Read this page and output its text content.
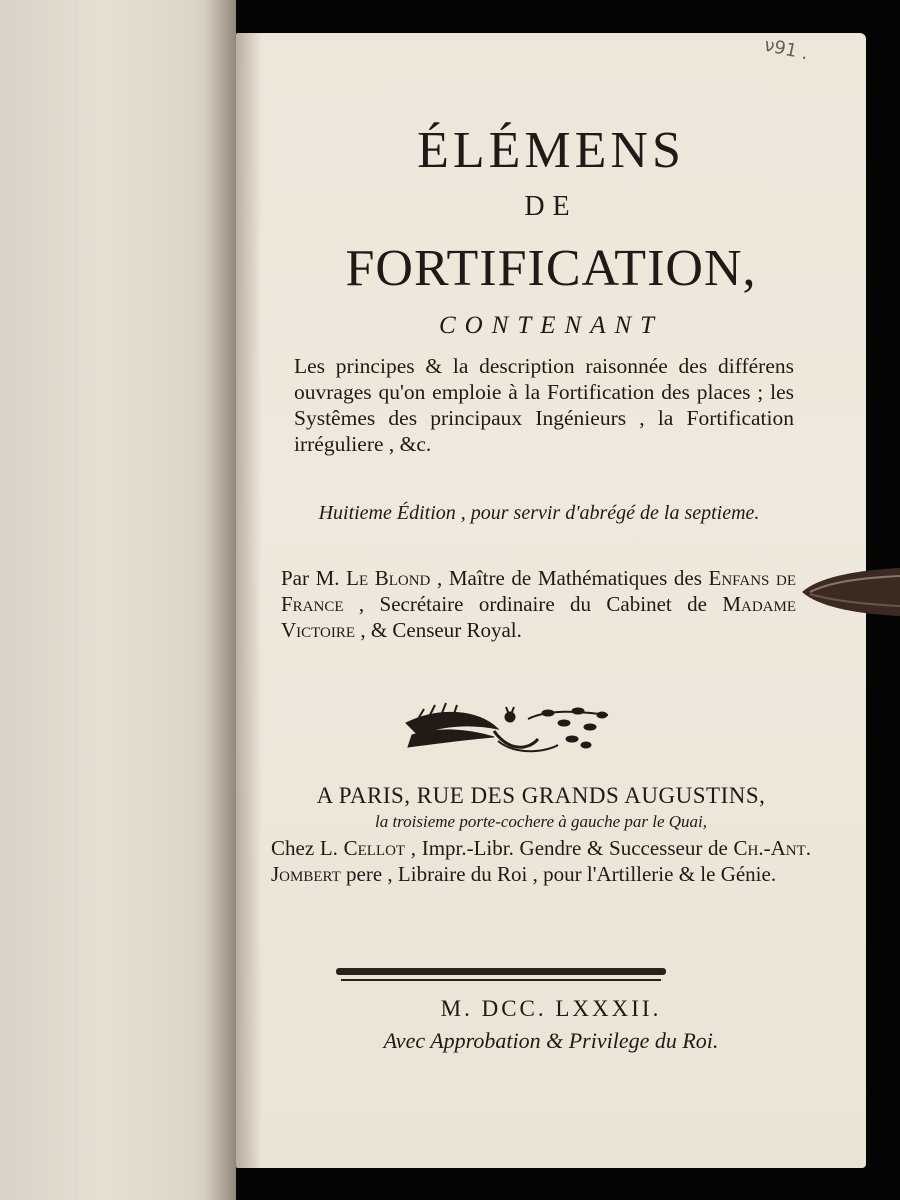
ν91 .
ÉLÉMENS
DE
FORTIFICATION,
CONTENANT
Les principes & la description raisonnée des différens ouvrages qu'on emploie à la Fortification des places ; les Systêmes des principaux Ingénieurs , la Fortification irréguliere , &c.
Huitieme Édition , pour servir d'abrégé de la septieme.
Par M. Le Blond , Maître de Mathématiques des Enfans de France , Secrétaire ordinaire du Cabinet de Madame Victoire , & Censeur Royal.
A PARIS, RUE DES GRANDS AUGUSTINS,
la troisieme porte-cochere à gauche par le Quai,
Chez L. Cellot , Impr.-Libr. Gendre & Successeur de Ch.-Ant. Jombert pere , Libraire du Roi , pour l'Artillerie & le Génie.
M. DCC. LXXXII.
Avec Approbation & Privilege du Roi.
